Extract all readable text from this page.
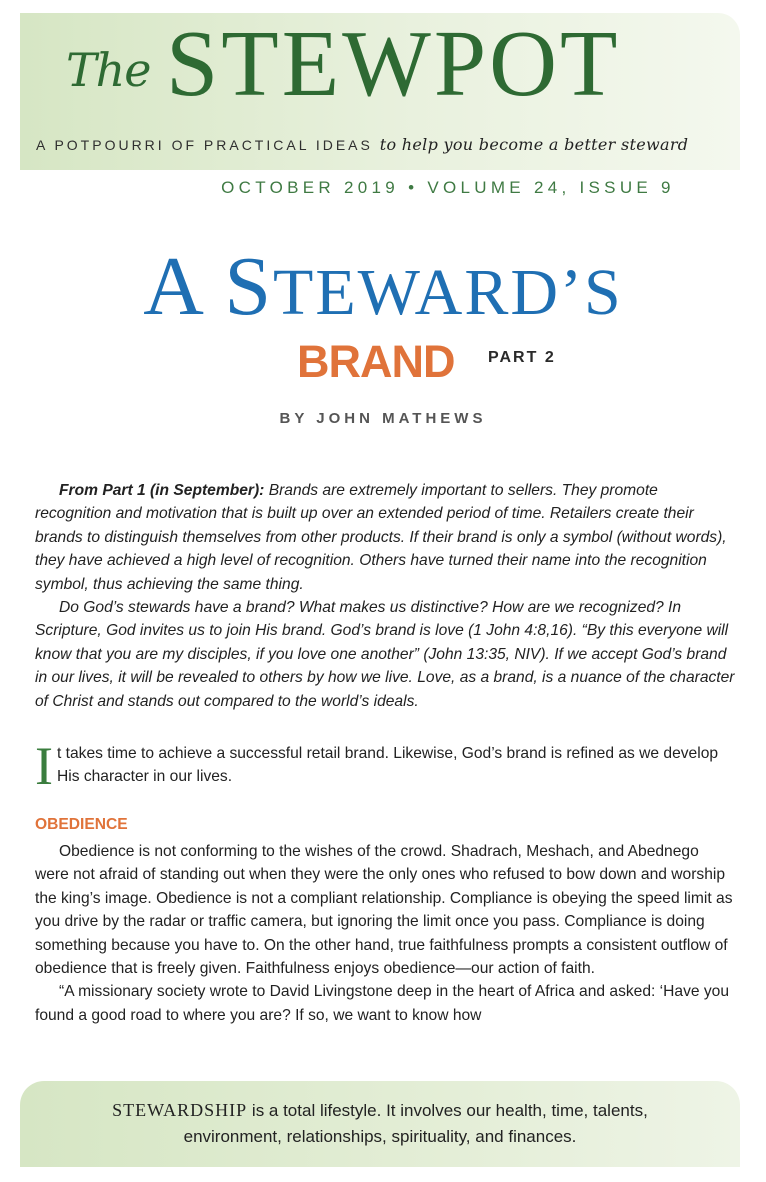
The STEWPOT
A POTPOURRI OF PRACTICAL IDEAS to help you become a better steward
OCTOBER 2019 • VOLUME 24, ISSUE 9
A STEWARD’S
BRAND PART 2
BY JOHN MATHEWS

From Part 1 (in September): Brands are extremely important to sellers. They promote recognition and motivation that is built up over an extended period of time. Retailers create their brands to distinguish themselves from other products. If their brand is only a symbol (without words), they have achieved a high level of recognition. Others have turned their name into the recognition symbol, thus achieving the same thing.

Do God’s stewards have a brand? What makes us distinctive? How are we recognized? In Scripture, God invites us to join His brand. God’s brand is love (1 John 4:8,16). “By this everyone will know that you are my disciples, if you love one another” (John 13:35, NIV). If we accept God’s brand in our lives, it will be revealed to others by how we live. Love, as a brand, is a nuance of the character of Christ and stands out compared to the world’s ideals.

It takes time to achieve a successful retail brand. Likewise, God’s brand is refined as we develop His character in our lives.
OBEDIENCE

Obedience is not conforming to the wishes of the crowd. Shadrach, Meshach, and Abednego were not afraid of standing out when they were the only ones who refused to bow down and worship the king’s image. Obedience is not a compliant relationship. Compliance is obeying the speed limit as you drive by the radar or traffic camera, but ignoring the limit once you pass. Compliance is doing something because you have to. On the other hand, true faithfulness prompts a consistent outflow of obedience that is freely given. Faithfulness enjoys obedience—our action of faith.

“A missionary society wrote to David Livingstone deep in the heart of Africa and asked: ‘Have you found a good road to where you are? If so, we want to know how

STEWARDSHIP is a total lifestyle. It involves our health, time, talents,
environment, relationships, spirituality, and finances.
